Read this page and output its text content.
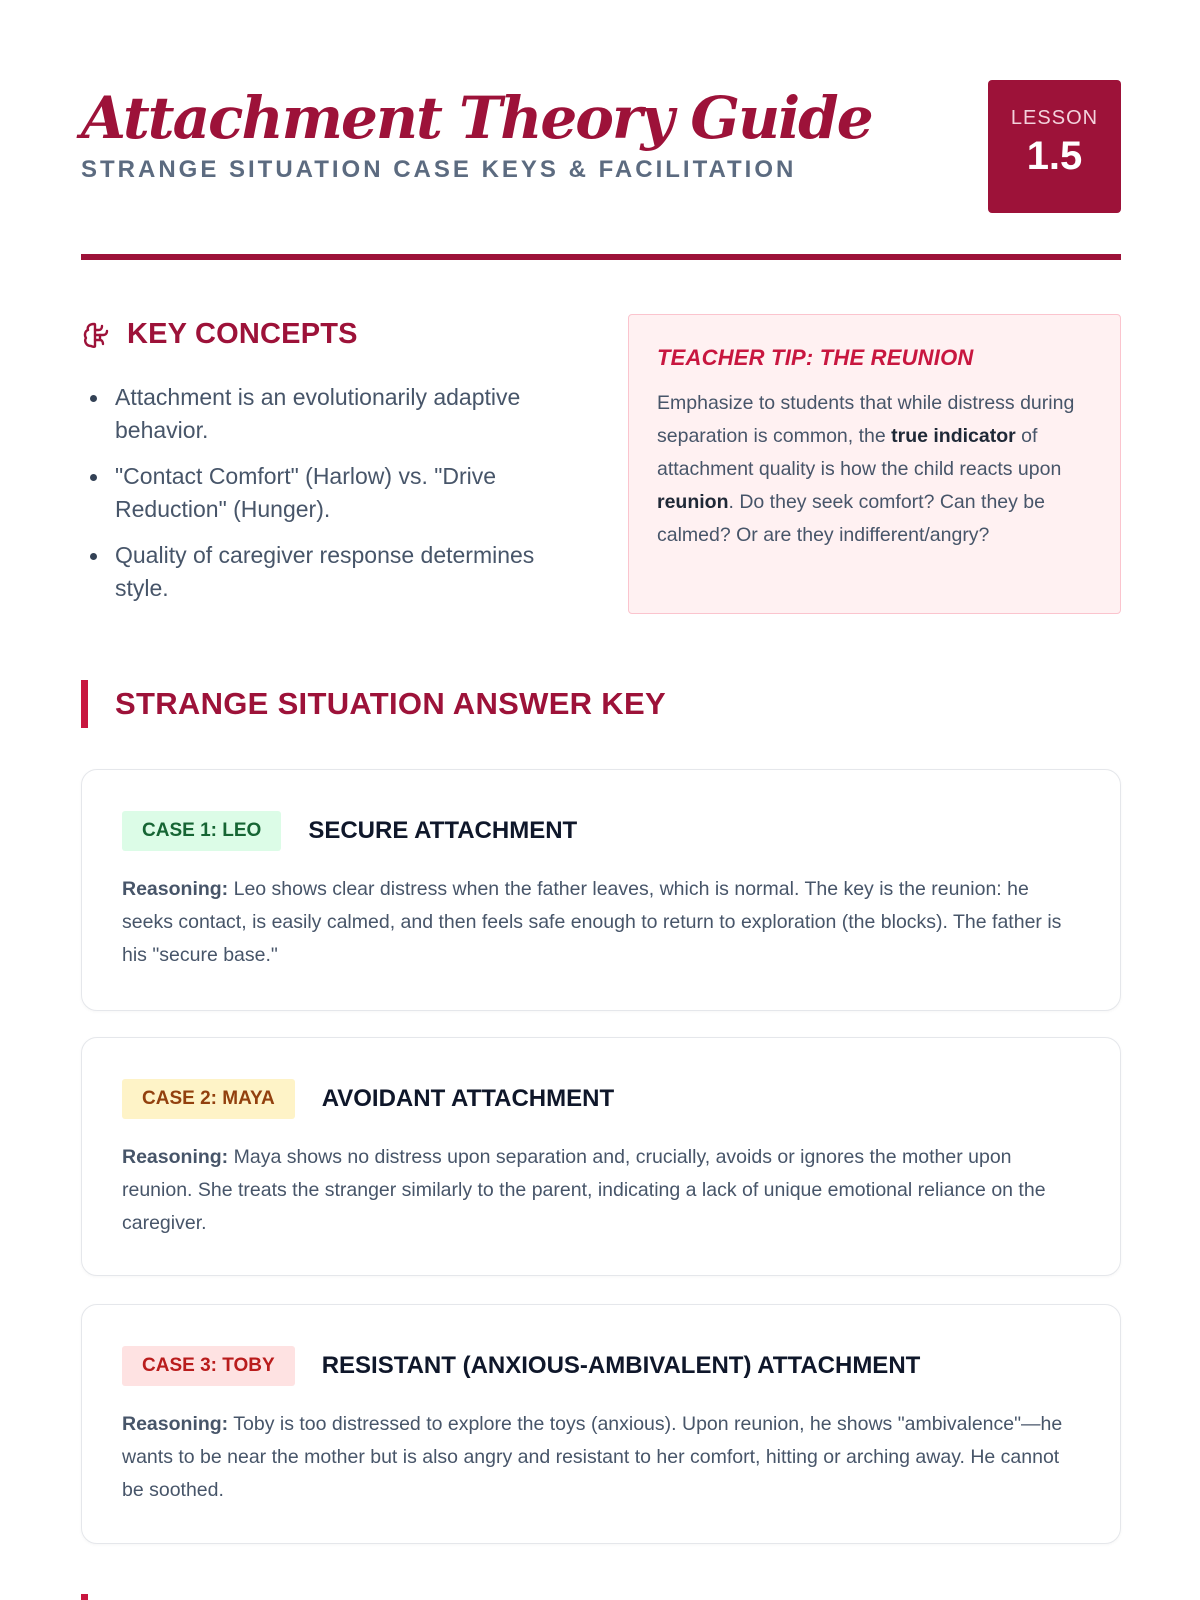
Attachment Theory Guide
STRANGE SITUATION CASE KEYS & FACILITATION
LESSON
1.5
KEY CONCEPTS
Attachment is an evolutionarily adaptive behavior.
"Contact Comfort" (Harlow) vs. "Drive Reduction" (Hunger).
Quality of caregiver response determines style.
TEACHER TIP: THE REUNION
Emphasize to students that while distress during separation is common, the true indicator of attachment quality is how the child reacts upon reunion. Do they seek comfort? Can they be calmed? Or are they indifferent/angry?
STRANGE SITUATION ANSWER KEY
CASE 1: LEO	SECURE ATTACHMENT
Reasoning: Leo shows clear distress when the father leaves, which is normal. The key is the reunion: he seeks contact, is easily calmed, and then feels safe enough to return to exploration (the blocks). The father is his "secure base."
CASE 2: MAYA	AVOIDANT ATTACHMENT
Reasoning: Maya shows no distress upon separation and, crucially, avoids or ignores the mother upon reunion. She treats the stranger similarly to the parent, indicating a lack of unique emotional reliance on the caregiver.
CASE 3: TOBY	RESISTANT (ANXIOUS-AMBIVALENT) ATTACHMENT
Reasoning: Toby is too distressed to explore the toys (anxious). Upon reunion, he shows "ambivalence"—he wants to be near the mother but is also angry and resistant to her comfort, hitting or arching away. He cannot be soothed.
